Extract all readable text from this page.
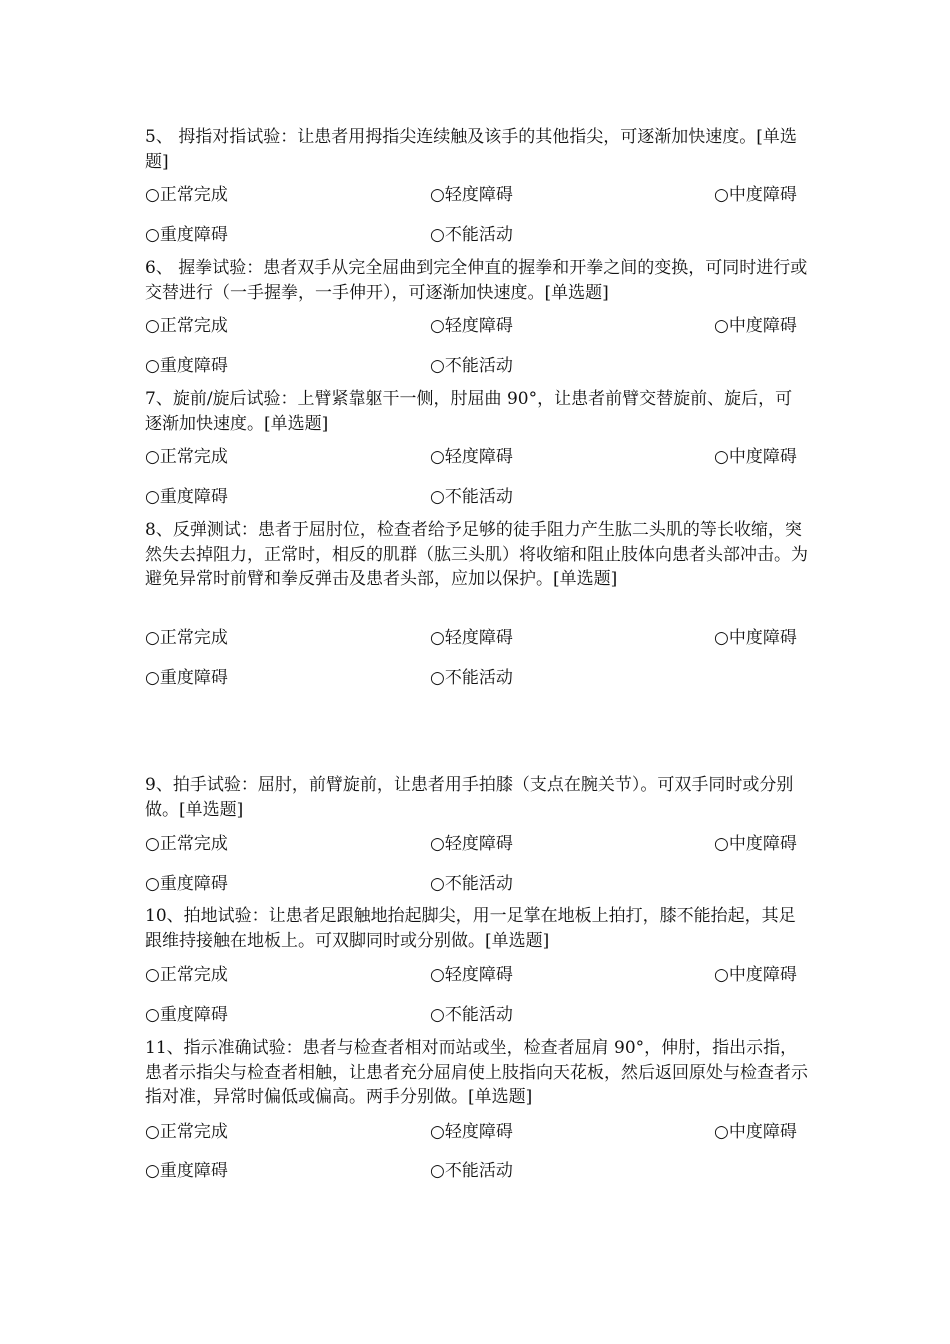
5、 拇指对指试验：让患者用拇指尖连续触及该手的其他指尖，可逐渐加快速度。[单选题]

○正常完成	○轻度障碍	○中度障碍
○重度障碍	○不能活动

6、 握拳试验：患者双手从完全屈曲到完全伸直的握拳和开拳之间的变换，可同时进行或交替进行（一手握拳，一手伸开），可逐渐加快速度。[单选题]

○正常完成	○轻度障碍	○中度障碍
○重度障碍	○不能活动

7、旋前/旋后试验：上臂紧靠躯干一侧，肘屈曲 90°，让患者前臂交替旋前、旋后，可逐渐加快速度。[单选题]

○正常完成	○轻度障碍	○中度障碍
○重度障碍	○不能活动

8、反弹测试：患者于屈肘位，检查者给予足够的徒手阻力产生肱二头肌的等长收缩，突然失去掉阻力，正常时，相反的肌群（肱三头肌）将收缩和阻止肢体向患者头部冲击。为避免异常时前臂和拳反弹击及患者头部，应加以保护。[单选题]

○正常完成	○轻度障碍	○中度障碍
○重度障碍	○不能活动

9、拍手试验：屈肘，前臂旋前，让患者用手拍膝（支点在腕关节）。可双手同时或分别做。[单选题]

○正常完成	○轻度障碍	○中度障碍
○重度障碍	○不能活动

10、拍地试验：让患者足跟触地抬起脚尖，用一足掌在地板上拍打，膝不能抬起，其足跟维持接触在地板上。可双脚同时或分别做。[单选题]

○正常完成	○轻度障碍	○中度障碍
○重度障碍	○不能活动

11、指示准确试验：患者与检查者相对而站或坐，检查者屈肩 90°，伸肘，指出示指，患者示指尖与检查者相触，让患者充分屈肩使上肢指向天花板，然后返回原处与检查者示指对准，异常时偏低或偏高。两手分别做。[单选题]

○正常完成	○轻度障碍	○中度障碍
○重度障碍	○不能活动
